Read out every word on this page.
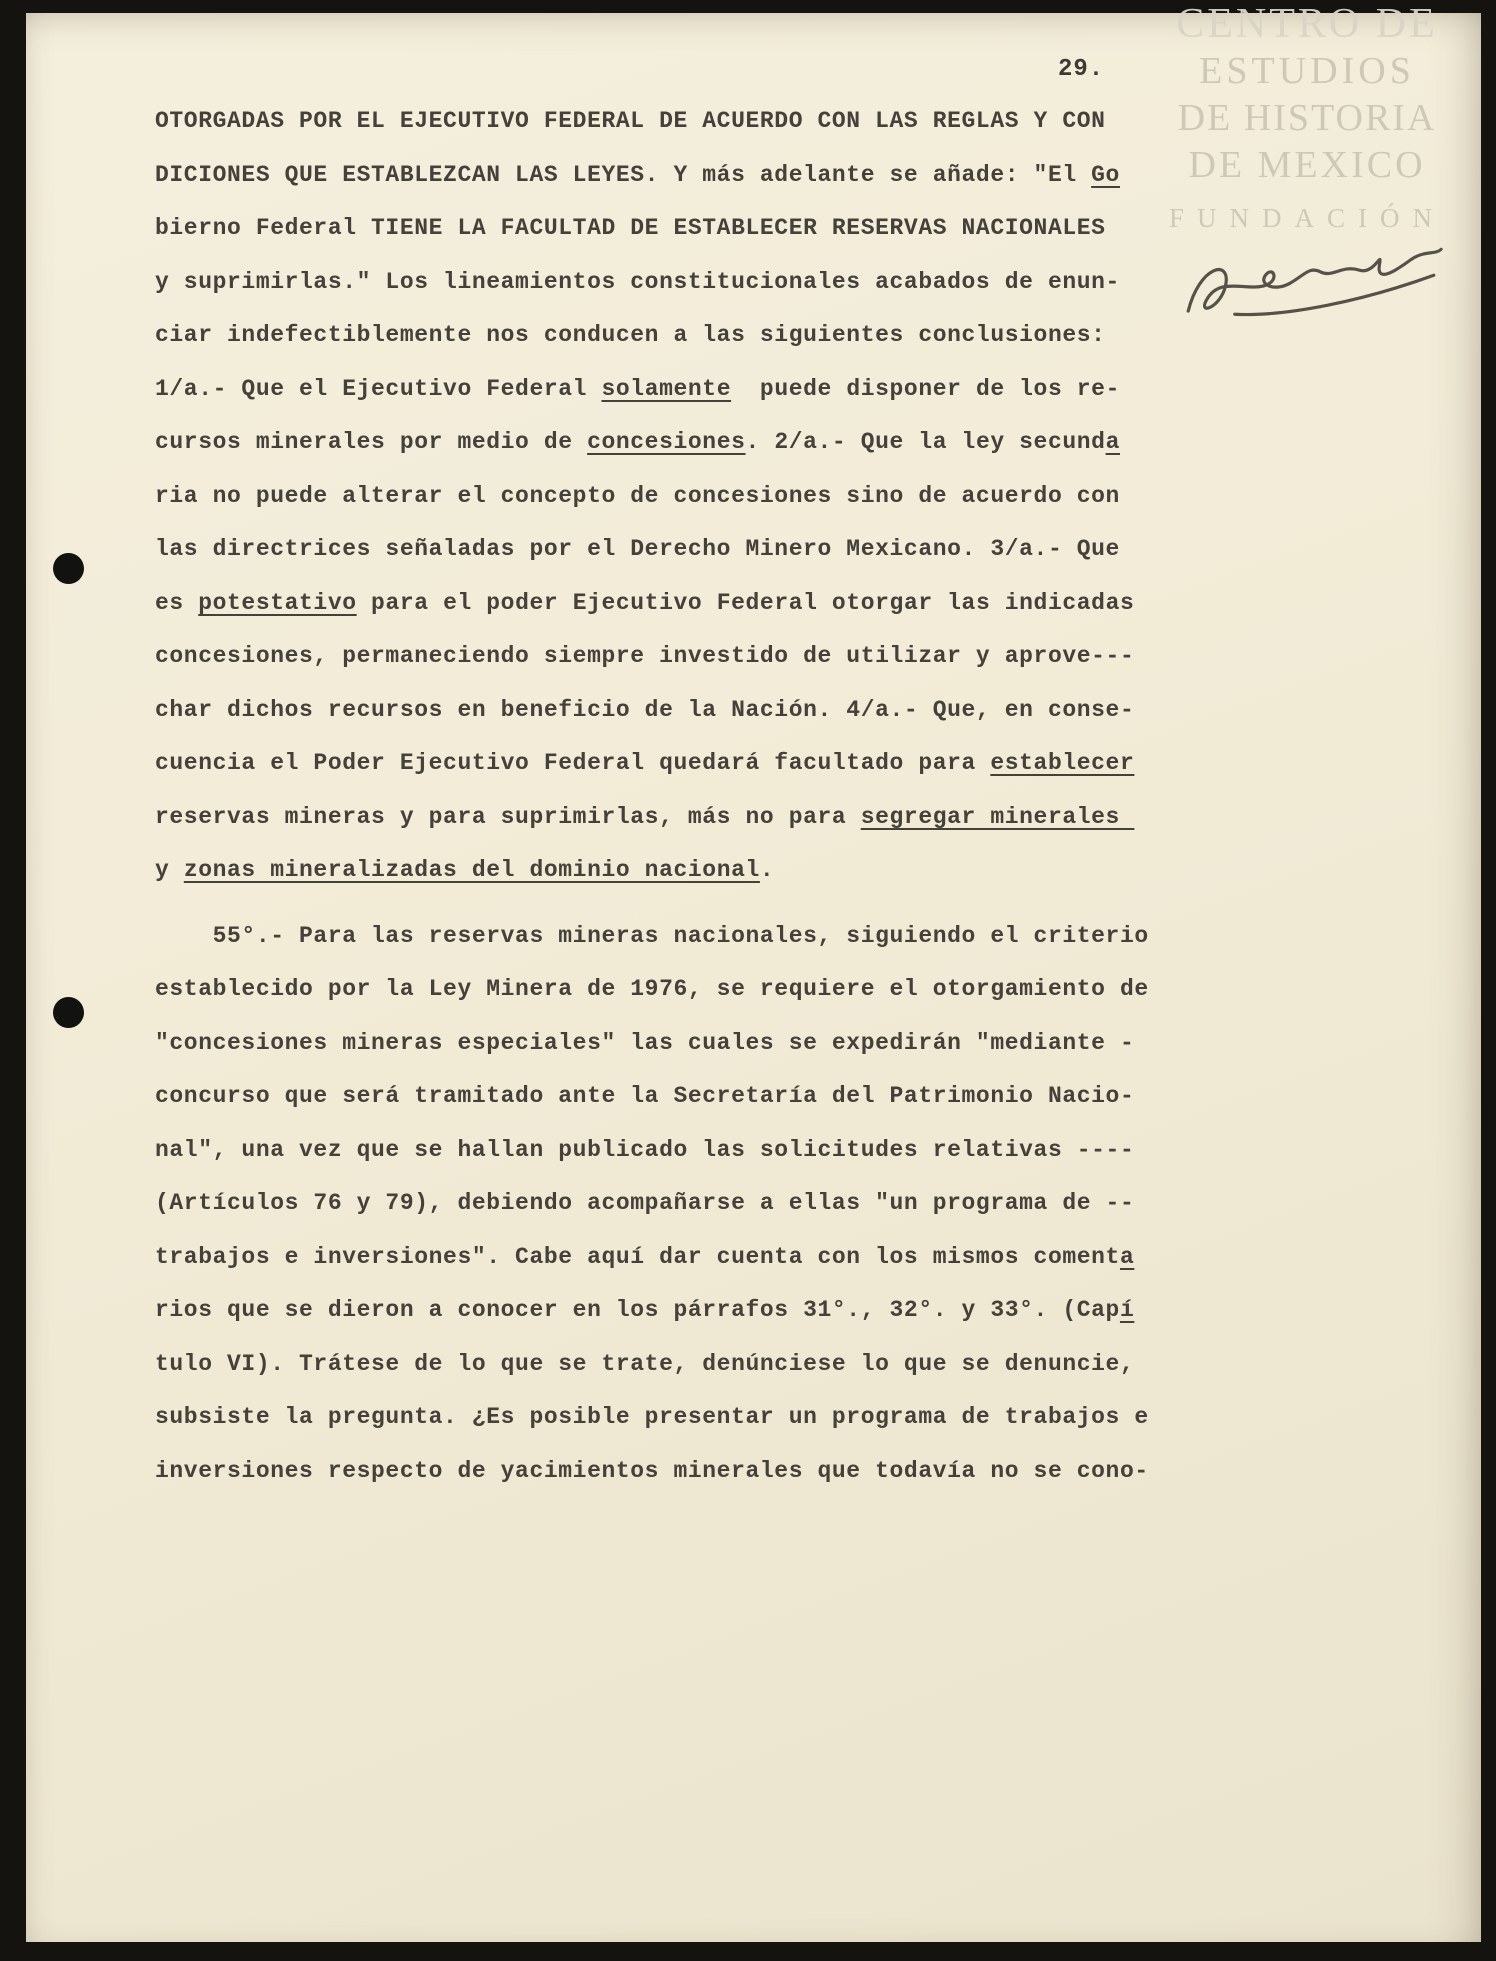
OTORGADAS POR EL EJECUTIVO FEDERAL DE ACUERDO CON LAS REGLAS Y CON
DICIONES QUE ESTABLEZCAN LAS LEYES. Y más adelante se añade: "El Go
bierno Federal TIENE LA FACULTAD DE ESTABLECER RESERVAS NACIONALES
y suprimirlas." Los lineamientos constitucionales acabados de enun-
ciar indefectiblemente nos conducen a las siguientes conclusiones:
1/a.- Que el Ejecutivo Federal solamente  puede disponer de los re-
cursos minerales por medio de concesiones. 2/a.- Que la ley secunda
ria no puede alterar el concepto de concesiones sino de acuerdo con
las directrices señaladas por el Derecho Minero Mexicano. 3/a.- Que
es potestativo para el poder Ejecutivo Federal otorgar las indicadas
concesiones, permaneciendo siempre investido de utilizar y aprove---
char dichos recursos en beneficio de la Nación. 4/a.- Que, en conse-
cuencia el Poder Ejecutivo Federal quedará facultado para establecer
reservas mineras y para suprimirlas, más no para segregar minerales
y zonas mineralizadas del dominio nacional.
55°.- Para las reservas mineras nacionales, siguiendo el criterio
establecido por la Ley Minera de 1976, se requiere el otorgamiento de
"concesiones mineras especiales" las cuales se expedirán "mediante -
concurso que será tramitado ante la Secretaría del Patrimonio Nacio-
nal", una vez que se hallan publicado las solicitudes relativas ----
(Artículos 76 y 79), debiendo acompañarse a ellas "un programa de --
trabajos e inversiones". Cabe aquí dar cuenta con los mismos comenta
rios que se dieron a conocer en los párrafos 31°., 32°. y 33°. (Capí
tulo VI). Trátese de lo que se trate, denúnciese lo que se denuncie,
subsiste la pregunta. ¿Es posible presentar un programa de trabajos e
inversiones respecto de yacimientos minerales que todavía no se cono-
CENTRO DE
ESTUDIOS
DE HISTORIA
DE MEXICO
FUNDACIÓN
29.
